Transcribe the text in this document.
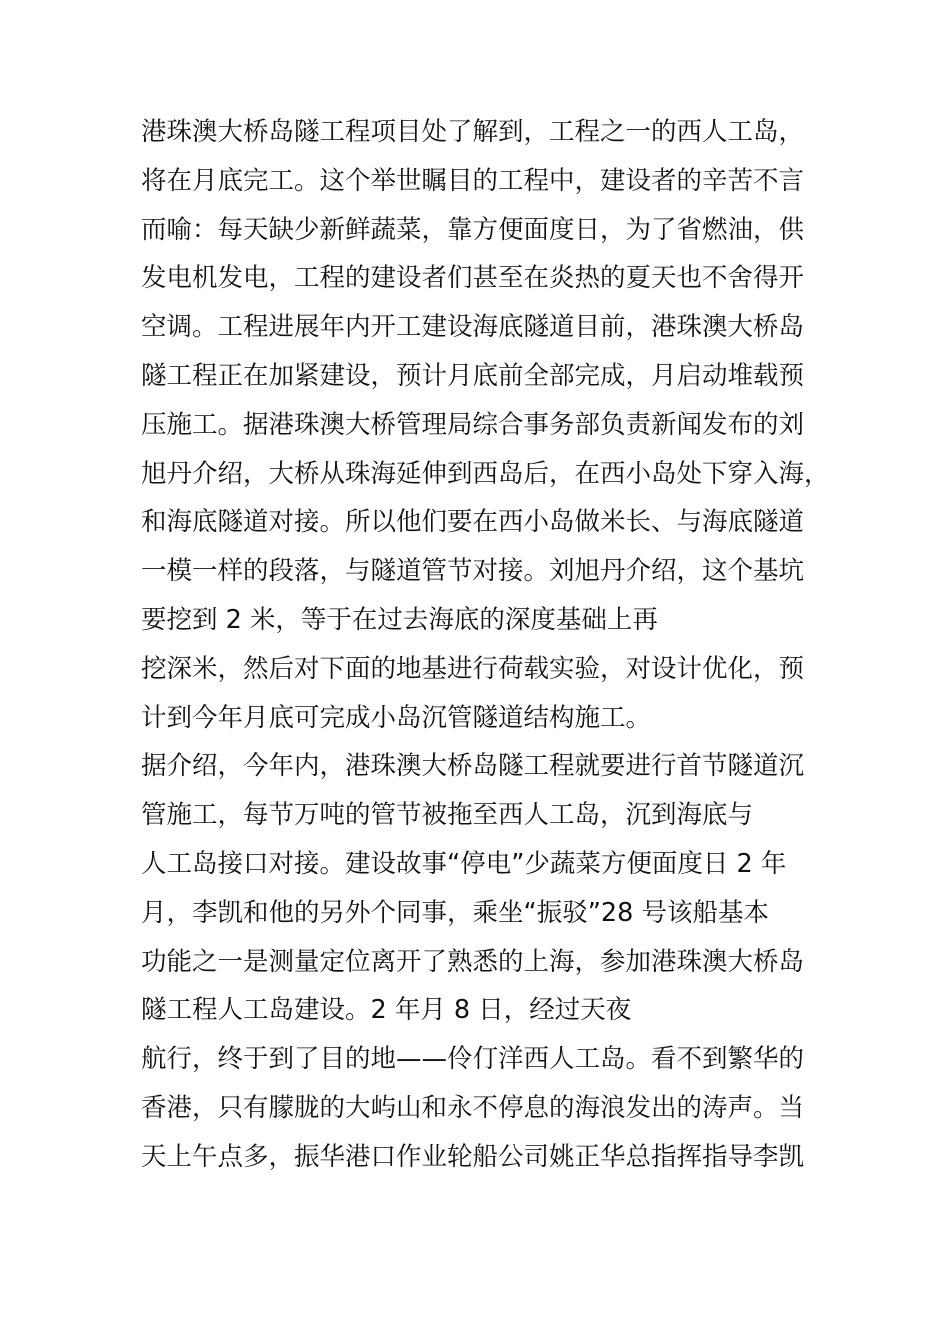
港珠澳大桥岛隧工程项目处了解到，工程之一的西人工岛，
将在月底完工。这个举世瞩目的工程中，建设者的辛苦不言
而喻：每天缺少新鲜蔬菜，靠方便面度日，为了省燃油，供
发电机发电，工程的建设者们甚至在炎热的夏天也不舍得开
空调。工程进展年内开工建设海底隧道目前，港珠澳大桥岛
隧工程正在加紧建设，预计月底前全部完成，月启动堆载预
压施工。据港珠澳大桥管理局综合事务部负责新闻发布的刘
旭丹介绍，大桥从珠海延伸到西岛后，在西小岛处下穿入海，
和海底隧道对接。所以他们要在西小岛做米长、与海底隧道
一模一样的段落，与隧道管节对接。刘旭丹介绍，这个基坑
要挖到 2 米，等于在过去海底的深度基础上再
挖深米，然后对下面的地基进行荷载实验，对设计优化，预
计到今年月底可完成小岛沉管隧道结构施工。
据介绍，今年内，港珠澳大桥岛隧工程就要进行首节隧道沉
管施工，每节万吨的管节被拖至西人工岛，沉到海底与
人工岛接口对接。建设故事“停电”少蔬菜方便面度日 2 年
月，李凯和他的另外个同事，乘坐“振驳”28 号该船基本
功能之一是测量定位离开了熟悉的上海，参加港珠澳大桥岛
隧工程人工岛建设。2 年月 8 日，经过天夜
航行，终于到了目的地——伶仃洋西人工岛。看不到繁华的
香港，只有朦胧的大屿山和永不停息的海浪发出的涛声。当
天上午点多，振华港口作业轮船公司姚正华总指挥指导李凯
